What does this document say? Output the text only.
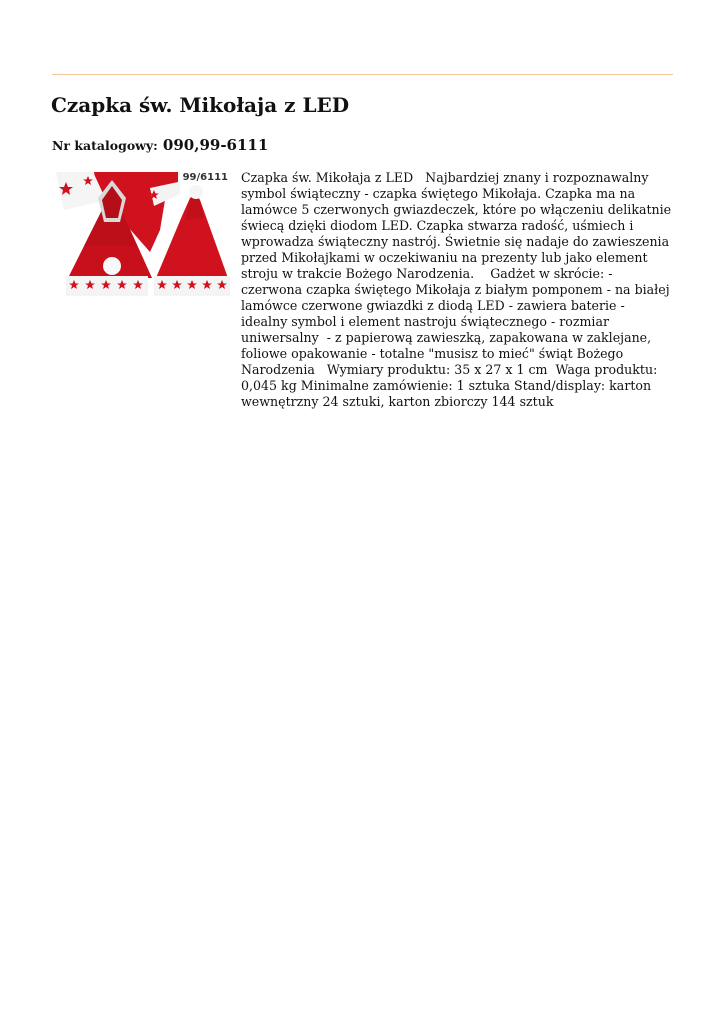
Czapka św. Mikołaja z LED
Nr katalogowy: 090,99-6111
99/6111 Czapka św. Mikołaja z LED   Najbardziej znany i rozpoznawalny symbol świąteczny - czapka świętego Mikołaja. Czapka ma na lamówce 5 czerwonych gwiazdeczek, które po włączeniu delikatnie świecą dzięki diodom LED. Czapka stwarza radość, uśmiech i wprowadza świąteczny nastrój. Świetnie się nadaje do zawieszenia przed Mikołajkami w oczekiwaniu na prezenty lub jako element stroju w trakcie Bożego Narodzenia.    Gadżet w skrócie: - czerwona czapka świętego Mikołaja z białym pomponem - na białej lamówce czerwone gwiazdki z diodą LED - zawiera baterie - idealny symbol i element nastroju świątecznego - rozmiar uniwersalny  - z papierową zawieszką, zapakowana w zaklejane, foliowe opakowanie - totalne "musisz to mieć" świąt Bożego Narodzenia   Wymiary produktu: 35 x 27 x 1 cm  Waga produktu: 0,045 kg Minimalne zamówienie: 1 sztuka Stand/display: karton wewnętrzny 24 sztuki, karton zbiorczy 144 sztuk
